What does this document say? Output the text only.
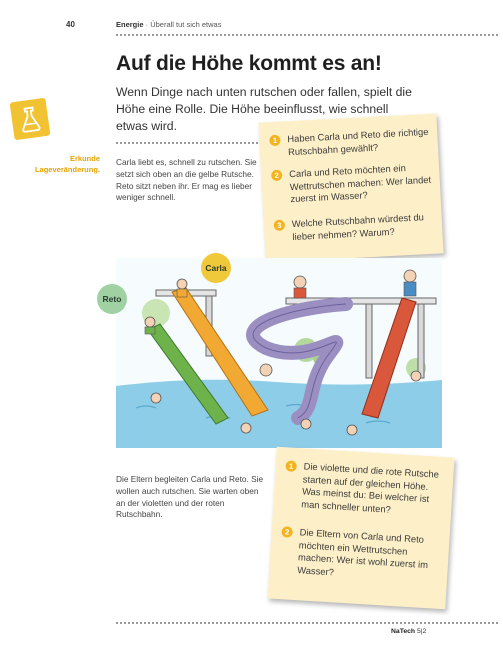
40	Energie · Überall tut sich etwas
Auf die Höhe kommt es an!
Wenn Dinge nach unten rutschen oder fallen, spielt die Höhe eine Rolle. Die Höhe beeinflusst, wie schnell etwas wird.
Erkunde Lageveränderung.
Carla liebt es, schnell zu rutschen. Sie setzt sich oben an die gelbe Rutsche.
Reto sitzt neben ihr. Er mag es lieber weniger schnell.
1	Haben Carla und Reto die richtige Rutschbahn gewählt?
2	Carla und Reto möchten ein Wettrutschen machen: Wer landet zuerst im Wasser?
3	Welche Rutschbahn würdest du lieber nehmen? Warum?
Carla
Reto
Die Eltern begleiten Carla und Reto. Sie wollen auch rutschen. Sie warten oben an der violetten und der roten Rutschbahn.
1	Die violette und die rote Rutsche starten auf der gleichen Höhe. Was meinst du: Bei welcher ist man schneller unten?
2	Die Eltern von Carla und Reto möchten ein Wettrutschen machen: Wer ist wohl zuerst im Wasser?
NaTech 5|2
